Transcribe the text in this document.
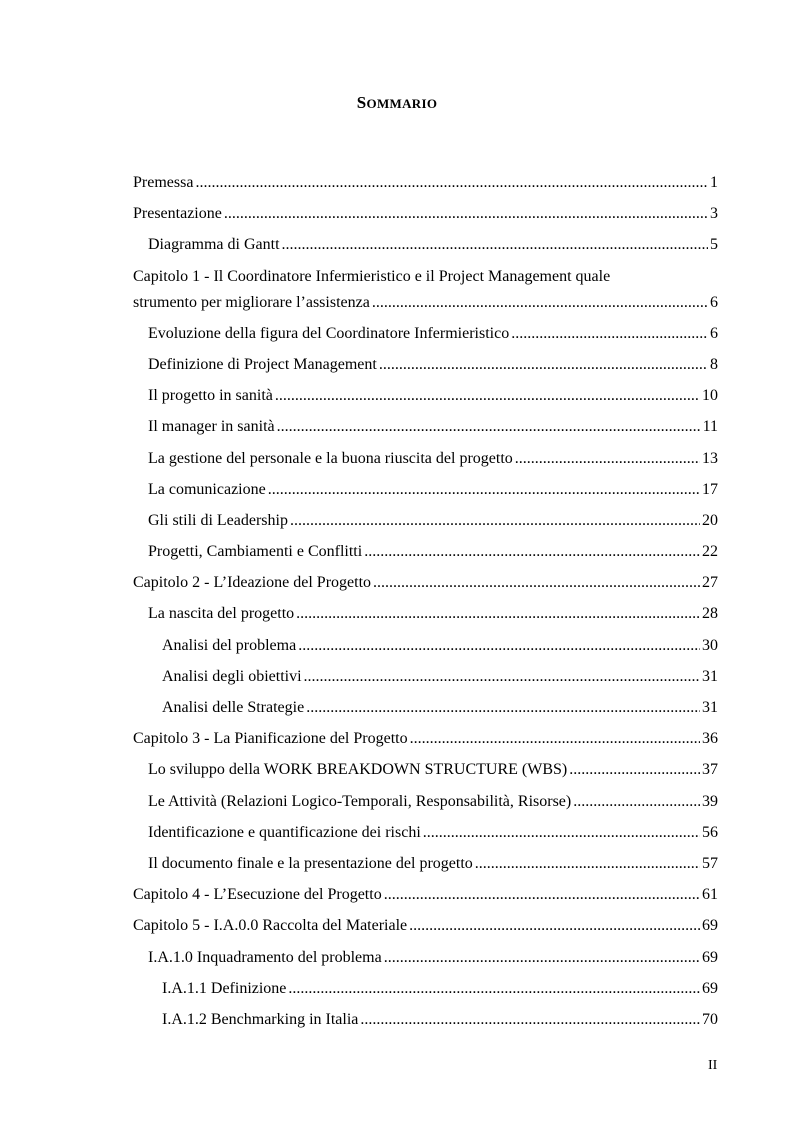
SOMMARIO
Premessa .....	1
Presentazione .....	3
Diagramma di Gantt .....	5
Capitolo 1 - Il Coordinatore Infermieristico e il Project Management quale
strumento per migliorare l’assistenza .....	6
Evoluzione della figura del Coordinatore Infermieristico .....	6
Definizione di Project Management .....	8
Il progetto in sanità .....	10
Il manager in sanità .....	11
La gestione del personale e la buona riuscita del progetto .....	13
La comunicazione .....	17
Gli stili di Leadership .....	20
Progetti, Cambiamenti e Conflitti .....	22
Capitolo 2 - L’Ideazione del Progetto .....	27
La nascita del progetto .....	28
Analisi del problema .....	30
Analisi degli obiettivi .....	31
Analisi delle Strategie .....	31
Capitolo 3 - La Pianificazione del Progetto .....	36
Lo sviluppo della WORK BREAKDOWN STRUCTURE (WBS) .....	37
Le Attività (Relazioni Logico-Temporali, Responsabilità, Risorse) .....	39
Identificazione e quantificazione dei rischi .....	56
Il documento finale e la presentazione del progetto .....	57
Capitolo 4 - L’Esecuzione del Progetto .....	61
Capitolo 5 - I.A.0.0 Raccolta del Materiale .....	69
I.A.1.0 Inquadramento del problema .....	69
I.A.1.1 Definizione .....	69
I.A.1.2 Benchmarking in Italia .....	70
II
